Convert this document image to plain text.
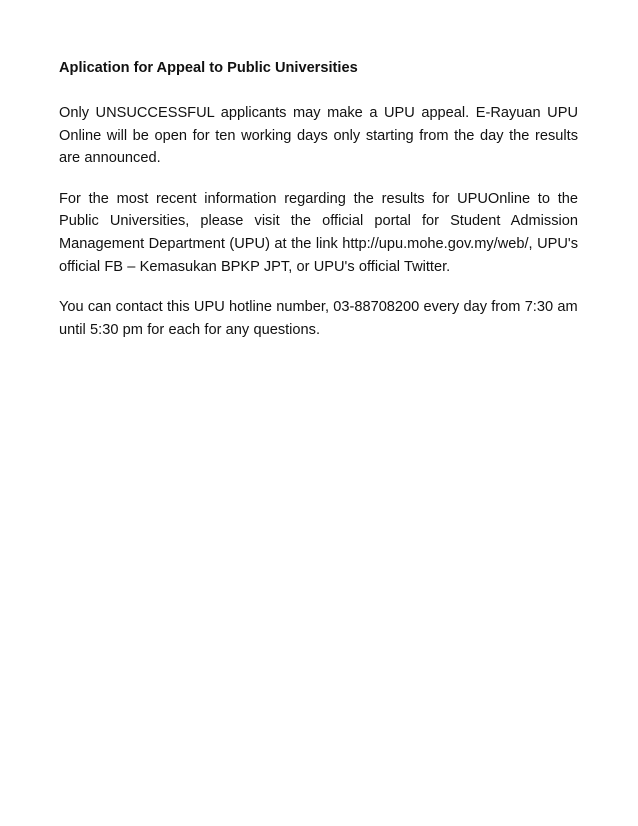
Aplication for Appeal to Public Universities

Only UNSUCCESSFUL applicants may make a UPU appeal. E-Rayuan UPU Online will be open for ten working days only starting from the day the results are announced.

For the most recent information regarding the results for UPUOnline to the Public Universities, please visit the official portal for Student Admission Management Department (UPU) at the link http://upu.mohe.gov.my/web/, UPU's official FB – Kemasukan BPKP JPT, or UPU's official Twitter.

You can contact this UPU hotline number, 03-88708200 every day from 7:30 am until 5:30 pm for each for any questions.
